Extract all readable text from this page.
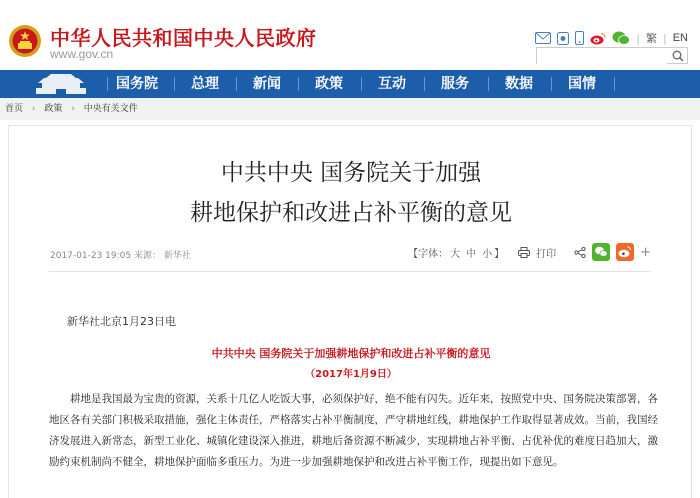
中华人民共和国中央人民政府
www.gov.cn
| 繁 | EN
国务院	总理	新闻	政策	互动	服务	数据	国情
首页 › 政策 › 中央有关文件
中共中央 国务院关于加强
耕地保护和改进占补平衡的意见
2017-01-23 19:05 来源： 新华社	【字体： 大 中 小 】	打印	+
新华社北京1月23日电
中共中央 国务院关于加强耕地保护和改进占补平衡的意见
（2017年1月9日）

耕地是我国最为宝贵的资源，关系十几亿人吃饭大事，必须保护好，绝不能有闪失。近年来，按照党中央、国务院决策部署，各地区各有关部门积极采取措施，强化主体责任，严格落实占补平衡制度，严守耕地红线，耕地保护工作取得显著成效。当前，我国经济发展进入新常态，新型工业化、城镇化建设深入推进，耕地后备资源不断减少，实现耕地占补平衡、占优补优的难度日趋加大，激励约束机制尚不健全，耕地保护面临多重压力。为进一步加强耕地保护和改进占补平衡工作，现提出如下意见。
